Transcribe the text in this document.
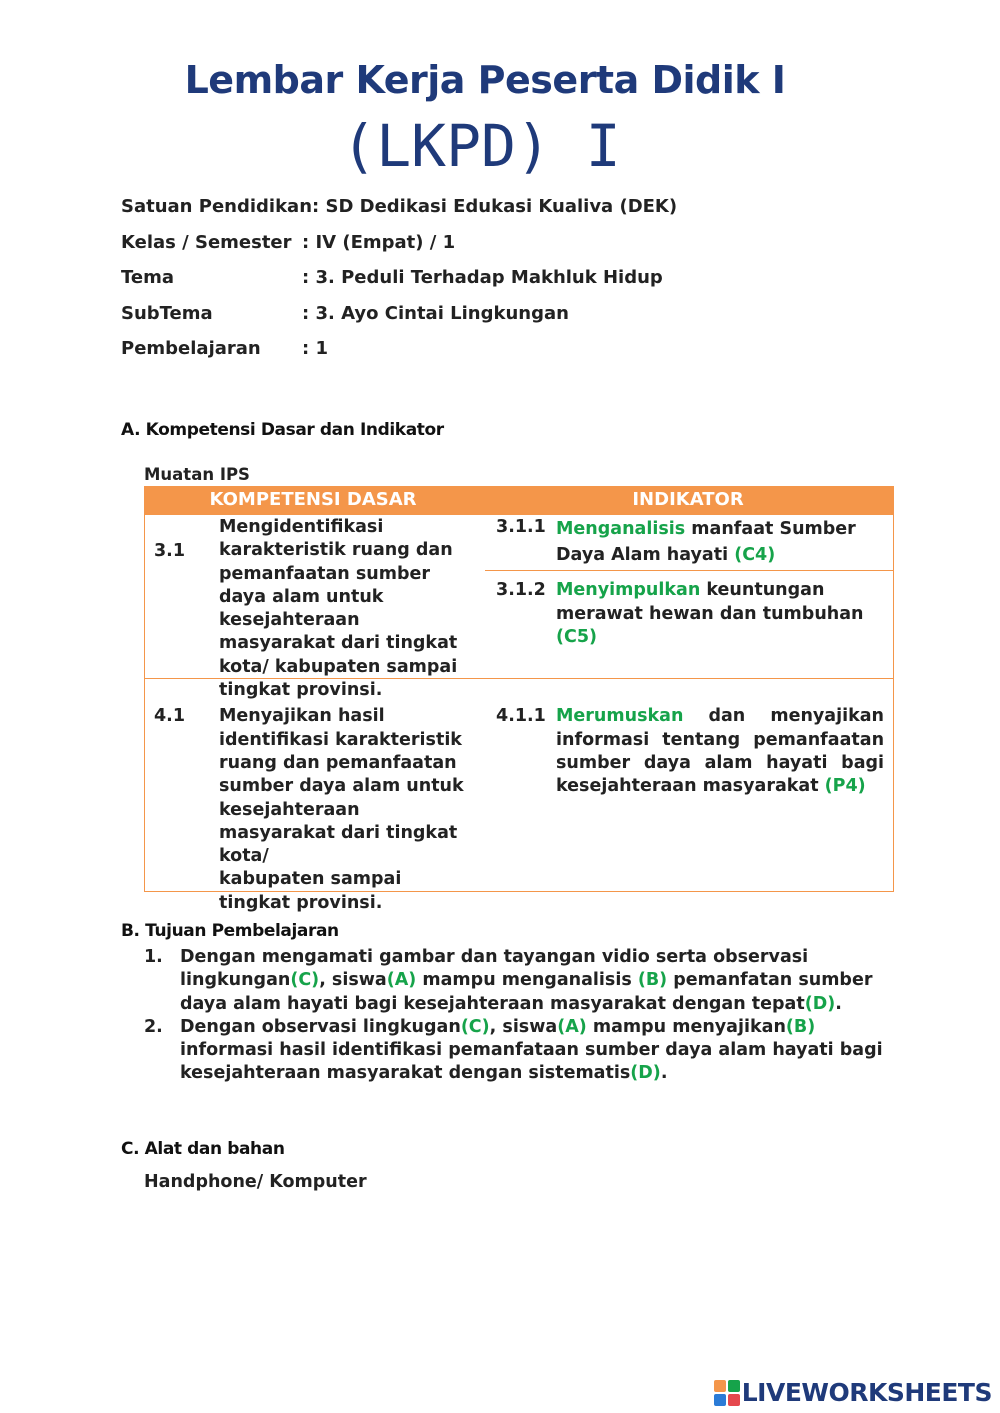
Lembar Kerja Peserta Didik I
(LKPD) I
Satuan Pendidikan: SD Dedikasi Edukasi Kualiva (DEK)
Kelas / Semester : IV (Empat) / 1
Tema	: 3. Peduli Terhadap Makhluk Hidup
SubTema	: 3. Ayo Cintai Lingkungan
Pembelajaran : 1
A. Kompetensi Dasar dan Indikator
Muatan IPS
KOMPETENSI DASAR		INDIKATOR	
3.1	Mengidentifikasi karakteristik ruang dan pemanfaatan sumber daya alam untuk kesejahteraan masyarakat dari tingkat kota/ kabupaten sampai tingkat provinsi.	3.1.1	Menganalisis manfaat Sumber Daya Alam hayati (C4)
		3.1.2	Menyimpulkan keuntungan merawat hewan dan tumbuhan (C5)
4.1	Menyajikan hasil identifikasi karakteristik ruang dan pemanfaatan sumber daya alam untuk kesejahteraan masyarakat dari tingkat kota/
kabupaten sampai tingkat provinsi.	4.1.1	Merumuskan dan menyajikan informasi tentang pemanfaatan sumber daya alam hayati bagi kesejahteraan masyarakat (P4)
B. Tujuan Pembelajaran
1. Dengan mengamati gambar dan tayangan vidio serta observasi lingkungan(C), siswa(A) mampu menganalisis (B) pemanfatan sumber daya alam hayati bagi kesejahteraan masyarakat dengan tepat(D).
2. Dengan observasi lingkugan(C), siswa(A) mampu menyajikan(B) informasi hasil identifikasi pemanfataan sumber daya alam hayati bagi kesejahteraan masyarakat dengan sistematis(D).
C. Alat dan bahan
Handphone/ Komputer
LIVEWORKSHEETS
